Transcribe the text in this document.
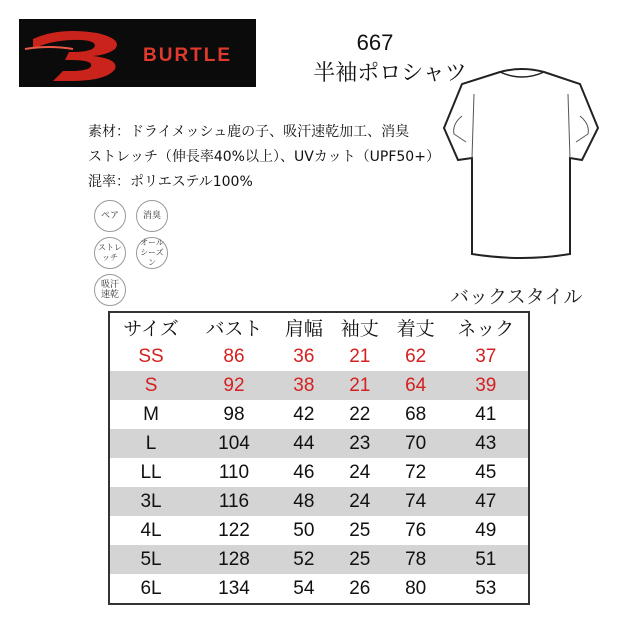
BURTLE
667
半袖ポロシャツ
素材：ドライメッシュ鹿の子、吸汗速乾加工、消臭
ストレッチ（伸長率40%以上）、UVカット（UPF50+）
混率：ポリエステル100%
ペア	消臭
ストレッチ
オール
シーズン
吸汗
速乾	バックスタイル
サイズ	バスト	肩幅	袖丈	着丈	ネック
SS	86	36	21	62	37
S	92	38	21	64	39
M	98	42	22	68	41
L	104	44	23	70	43
LL	110	46	24	72	45
3L	116	48	24	74	47
4L	122	50	25	76	49
5L	128	52	25	78	51
6L	134	54	26	80	53
